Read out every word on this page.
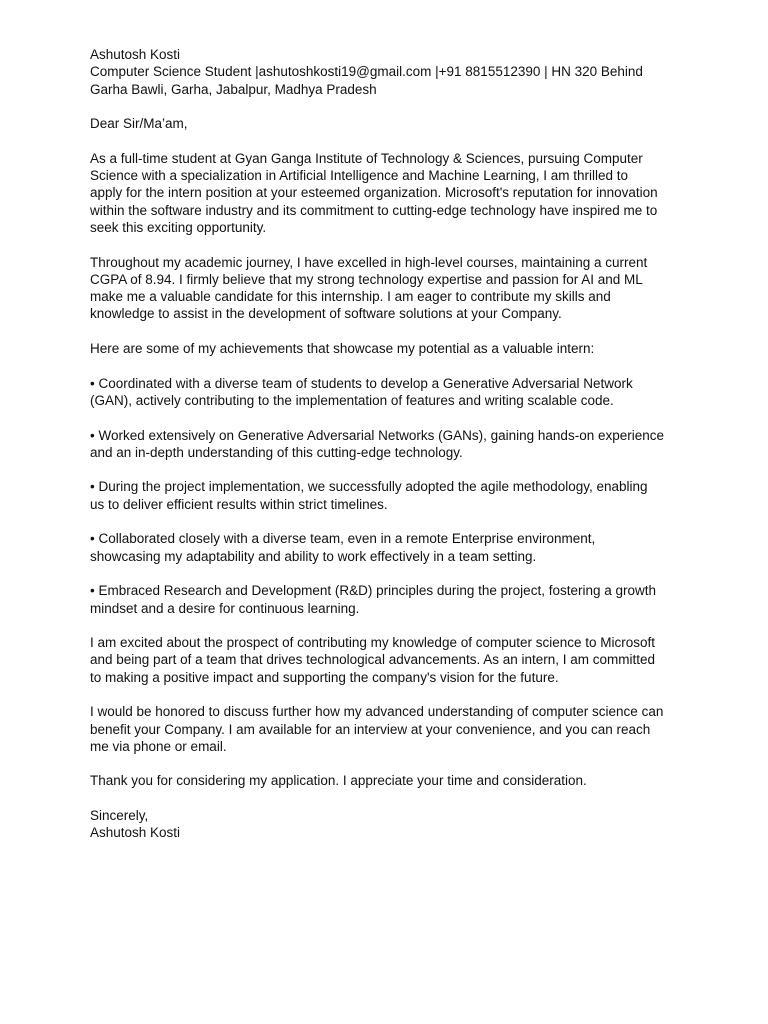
Ashutosh Kosti

Computer Science Student |ashutoshkosti19@gmail.com |+91 8815512390 | HN 320 Behind

Garha Bawli, Garha, Jabalpur, Madhya Pradesh

Dear Sir/Ma’am,

As a full-time student at Gyan Ganga Institute of Technology & Sciences, pursuing Computer

Science with a specialization in Artificial Intelligence and Machine Learning, I am thrilled to

apply for the intern position at your esteemed organization. Microsoft's reputation for innovation

within the software industry and its commitment to cutting-edge technology have inspired me to

seek this exciting opportunity.

Throughout my academic journey, I have excelled in high-level courses, maintaining a current

CGPA of 8.94. I firmly believe that my strong technology expertise and passion for AI and ML

make me a valuable candidate for this internship. I am eager to contribute my skills and

knowledge to assist in the development of software solutions at your Company.

Here are some of my achievements that showcase my potential as a valuable intern:

• Coordinated with a diverse team of students to develop a Generative Adversarial Network

(GAN), actively contributing to the implementation of features and writing scalable code.

• Worked extensively on Generative Adversarial Networks (GANs), gaining hands-on experience

and an in-depth understanding of this cutting-edge technology.

• During the project implementation, we successfully adopted the agile methodology, enabling

us to deliver efficient results within strict timelines.

• Collaborated closely with a diverse team, even in a remote Enterprise environment,

showcasing my adaptability and ability to work effectively in a team setting.

• Embraced Research and Development (R&D) principles during the project, fostering a growth

mindset and a desire for continuous learning.

I am excited about the prospect of contributing my knowledge of computer science to Microsoft

and being part of a team that drives technological advancements. As an intern, I am committed

to making a positive impact and supporting the company's vision for the future.

I would be honored to discuss further how my advanced understanding of computer science can

benefit your Company. I am available for an interview at your convenience, and you can reach

me via phone or email.

Thank you for considering my application. I appreciate your time and consideration.

Sincerely,

Ashutosh Kosti
